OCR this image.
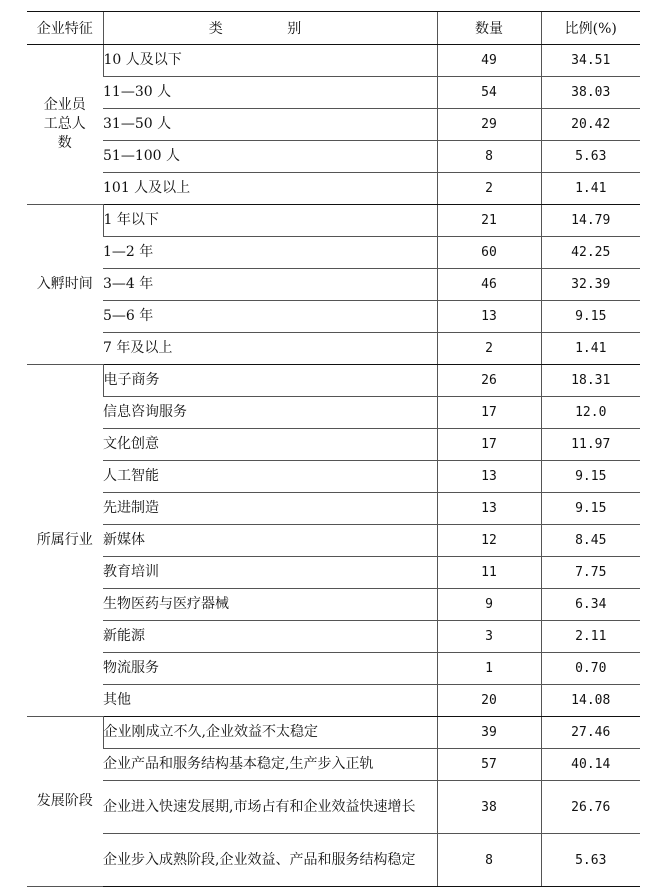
企业特征	类 别	数量	比例(%)
企业员工总人数	10 人及以下	49	34.51
	11—30 人	54	38.03
	31—50 人	29	20.42
	51—100 人	8	5.63
	101 人及以上	2	1.41
入孵时间	1 年以下	21	14.79
	1—2 年	60	42.25
	3—4 年	46	32.39
	5—6 年	13	9.15
	7 年及以上	2	1.41
所属行业	电子商务	26	18.31
	信息咨询服务	17	12.0
	文化创意	17	11.97
	人工智能	13	9.15
	先进制造	13	9.15
	新媒体	12	8.45
	教育培训	11	7.75
	生物医药与医疗器械	9	6.34
	新能源	3	2.11
	物流服务	1	0.70
	其他	20	14.08
发展阶段	企业刚成立不久,企业效益不太稳定	39	27.46
	企业产品和服务结构基本稳定,生产步入正轨	57	40.14
	企业进入快速发展期,市场占有和企业效益快速增长	38	26.76
	企业步入成熟阶段,企业效益、产品和服务结构稳定	8	5.63
